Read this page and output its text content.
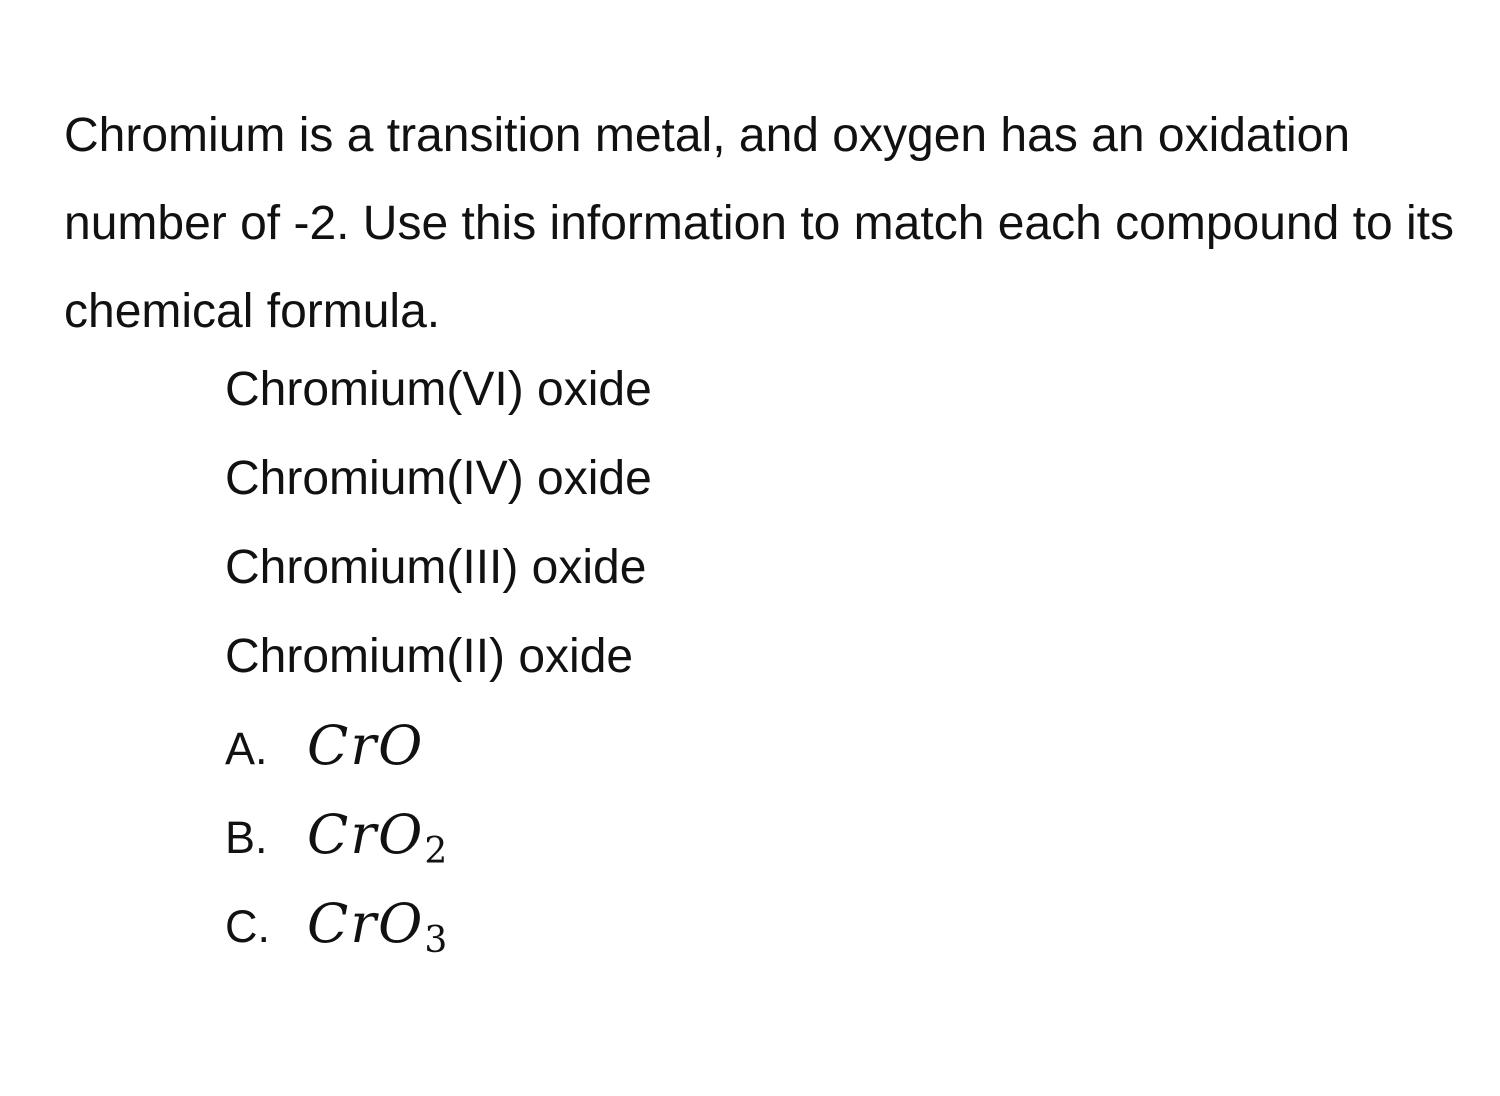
Chromium is a transition metal, and oxygen has an oxidation number of -2. Use this information to match each compound to its chemical formula.

Chromium(VI) oxide
Chromium(IV) oxide
Chromium(III) oxide
Chromium(II) oxide
A. CrO
B. CrO$_2$
C. CrO$_3$
